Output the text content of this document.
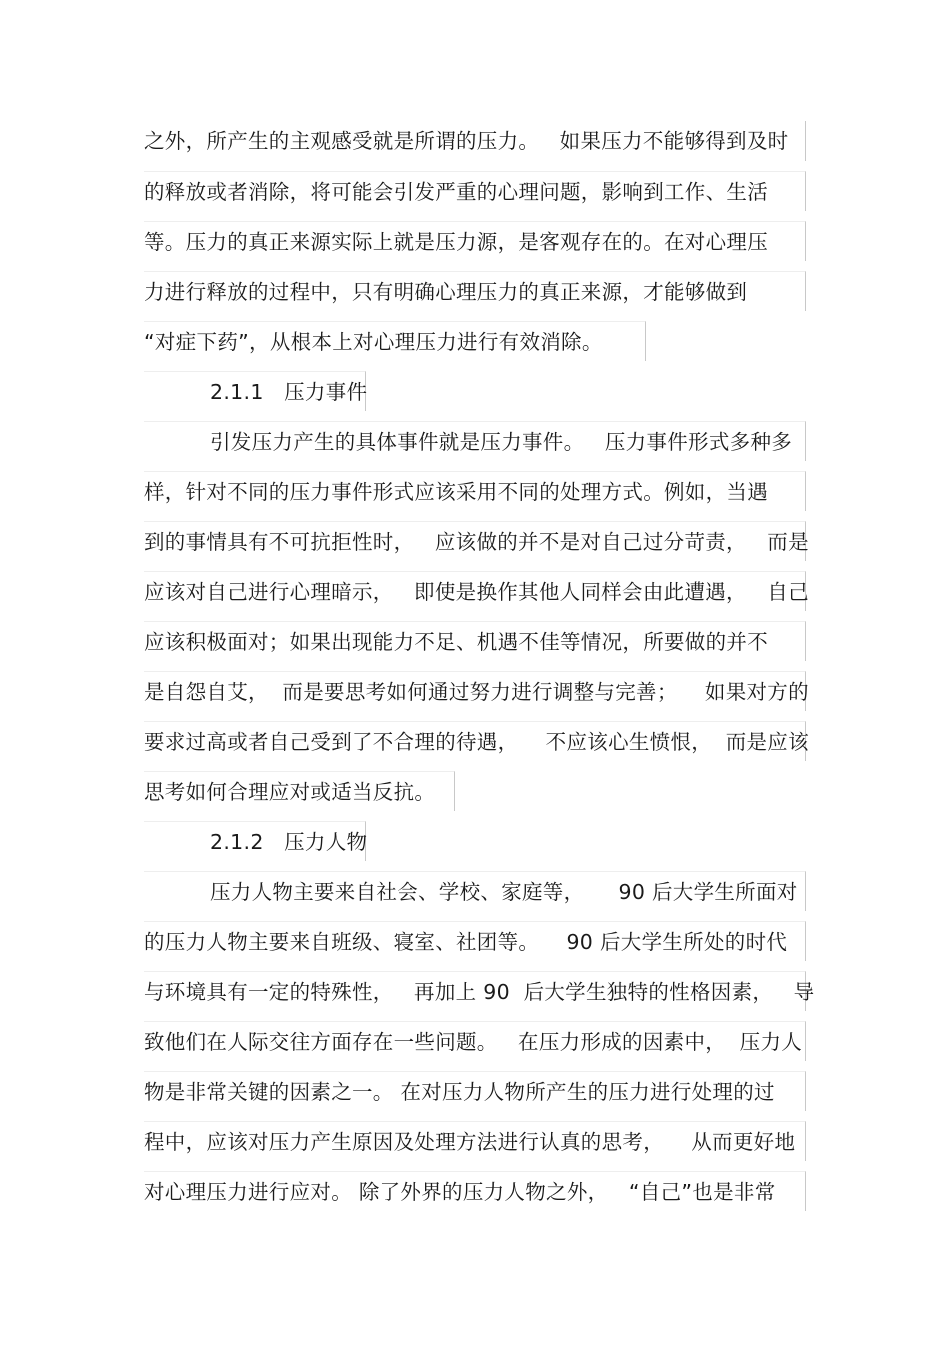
之外，所产生的主观感受就是所谓的压力。   如果压力不能够得到及时
的释放或者消除，将可能会引发严重的心理问题，影响到工作、生活
等。压力的真正来源实际上就是压力源，是客观存在的。在对心理压
力进行释放的过程中，只有明确心理压力的真正来源，才能够做到
“对症下药”，从根本上对心理压力进行有效消除。
2.1.1   压力事件
引发压力产生的具体事件就是压力事件。   压力事件形式多种多
样，针对不同的压力事件形式应该采用不同的处理方式。例如，当遇
到的事情具有不可抗拒性时，   应该做的并不是对自己过分苛责，   而是
应该对自己进行心理暗示，   即使是换作其他人同样会由此遭遇，   自己
应该积极面对；如果出现能力不足、机遇不佳等情况，所要做的并不
是自怨自艾，  而是要思考如何通过努力进行调整与完善；    如果对方的
要求过高或者自己受到了不合理的待遇，    不应该心生愤恨，  而是应该
思考如何合理应对或适当反抗。
2.1.2   压力人物
压力人物主要来自社会、学校、家庭等，     90 后大学生所面对
的压力人物主要来自班级、寝室、社团等。    90 后大学生所处的时代
与环境具有一定的特殊性，   再加上 90  后大学生独特的性格因素，   导
致他们在人际交往方面存在一些问题。   在压力形成的因素中，  压力人
物是非常关键的因素之一。 在对压力人物所产生的压力进行处理的过
程中，应该对压力产生原因及处理方法进行认真的思考，    从而更好地
对心理压力进行应对。 除了外界的压力人物之外，   “自己”也是非常
